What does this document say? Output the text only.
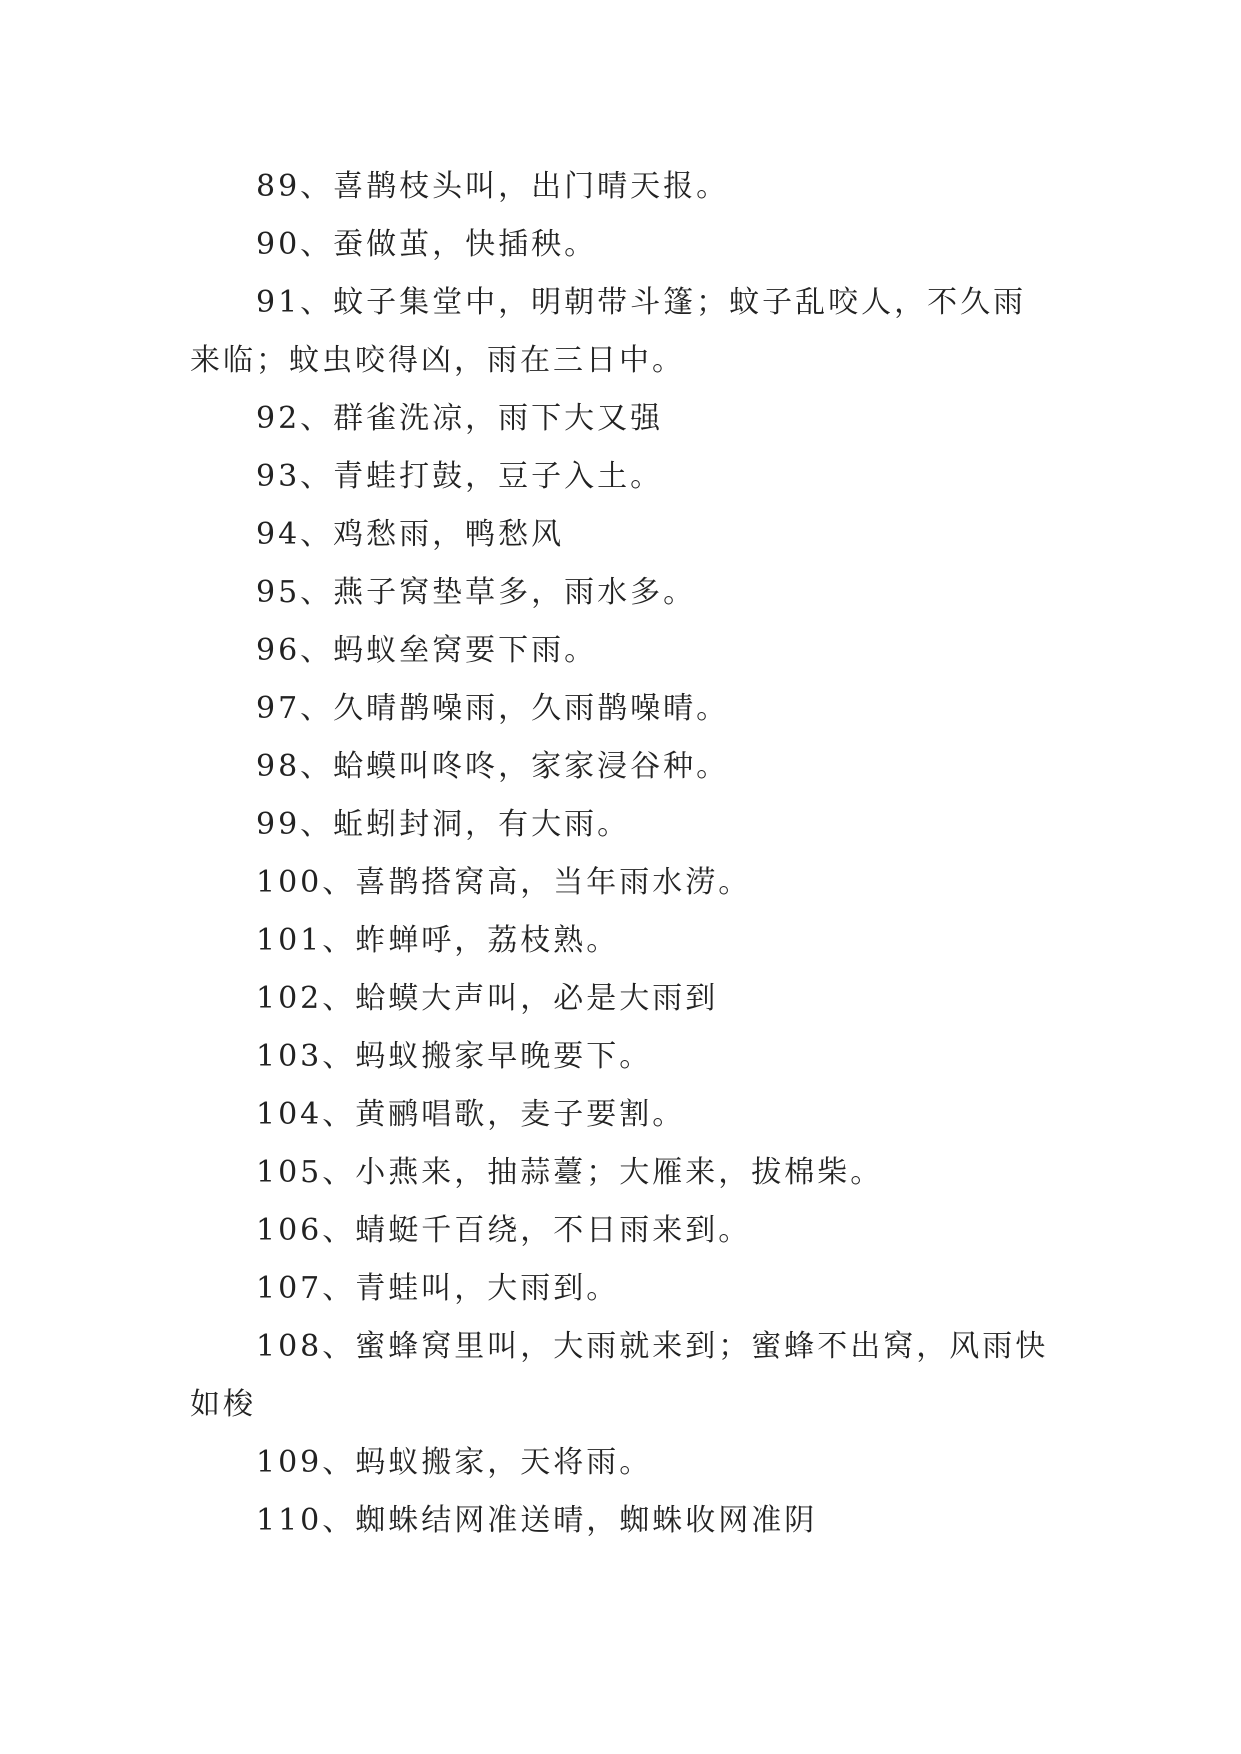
89、喜鹊枝头叫，出门晴天报。

90、蚕做茧，快插秧。

91、蚊子集堂中，明朝带斗篷；蚊子乱咬人，不久雨来临；蚊虫咬得凶，雨在三日中。

92、群雀洗凉，雨下大又强

93、青蛙打鼓，豆子入土。

94、鸡愁雨，鸭愁风

95、燕子窝垫草多，雨水多。

96、蚂蚁垒窝要下雨。

97、久晴鹊噪雨，久雨鹊噪晴。

98、蛤蟆叫咚咚，家家浸谷种。

99、蚯蚓封洞，有大雨。

100、喜鹊搭窝高，当年雨水涝。

101、蚱蝉呼，荔枝熟。

102、蛤蟆大声叫，必是大雨到

103、蚂蚁搬家早晚要下。

104、黄鹂唱歌，麦子要割。

105、小燕来，抽蒜薹；大雁来，拔棉柴。

106、蜻蜓千百绕，不日雨来到。

107、青蛙叫，大雨到。

108、蜜蜂窝里叫，大雨就来到；蜜蜂不出窝，风雨快如梭

109、蚂蚁搬家，天将雨。

110、蜘蛛结网准送晴，蜘蛛收网准阴
